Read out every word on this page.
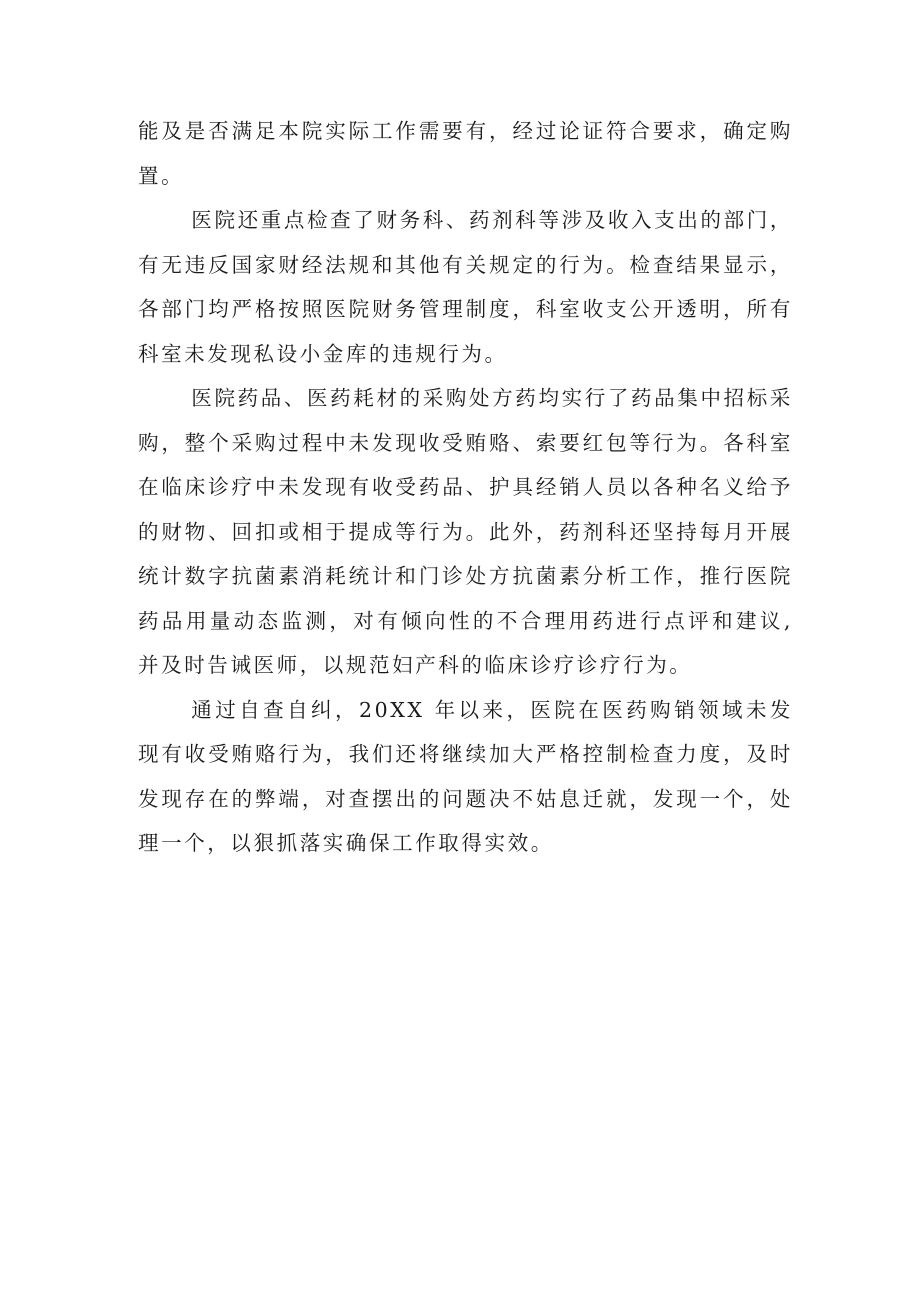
能及是否满足本院实际工作需要有，经过论证符合要求，确定购置。

医院还重点检查了财务科、药剂科等涉及收入支出的部门，有无违反国家财经法规和其他有关规定的行为。检查结果显示，各部门均严格按照医院财务管理制度，科室收支公开透明，所有科室未发现私设小金库的违规行为。

医院药品、医药耗材的采购处方药均实行了药品集中招标采购，整个采购过程中未发现收受贿赂、索要红包等行为。各科室在临床诊疗中未发现有收受药品、护具经销人员以各种名义给予的财物、回扣或相于提成等行为。此外，药剂科还坚持每月开展统计数字抗菌素消耗统计和门诊处方抗菌素分析工作，推行医院药品用量动态监测，对有倾向性的不合理用药进行点评和建议,并及时告诫医师，以规范妇产科的临床诊疗诊疗行为。

通过自查自纠，20XX 年以来，医院在医药购销领域未发现有收受贿赂行为，我们还将继续加大严格控制检查力度，及时发现存在的弊端，对查摆出的问题决不姑息迁就，发现一个，处理一个，以狠抓落实确保工作取得实效。
